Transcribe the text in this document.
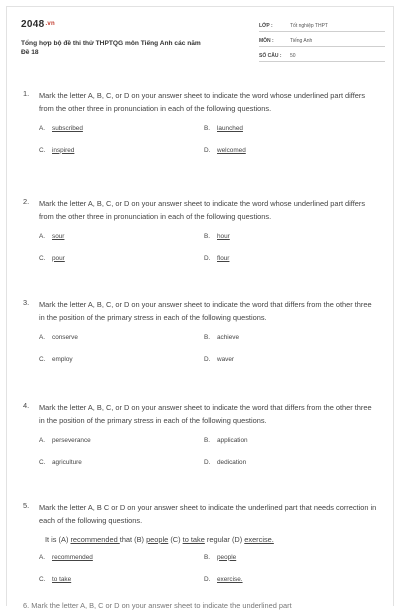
2048.vn
Tổng hợp bộ đề thi thử THPTQG môn Tiếng Anh các năm
Đề 18
LỚP :	Tốt nghiệp THPT
MÔN :	Tiếng Anh
SỐ CÂU : 50
1. Mark the letter A, B, C, or D on your answer sheet to indicate the word whose underlined part differs from the other three in pronunciation in each of the following questions.
A. subscribed	B. launched
C. inspired	D. welcomed
2. Mark the letter A, B, C, or D on your answer sheet to indicate the word whose underlined part differs from the other three in pronunciation in each of the following questions.
A. sour	B. hour
C. pour	D. flour
3. Mark the letter A, B, C, or D on your answer sheet to indicate the word that differs from the other three in the position of the primary stress in each of the following questions.
A. conserve	B. achieve
C. employ	D. waver
4. Mark the letter A, B, C, or D on your answer sheet to indicate the word that differs from the other three in the position of the primary stress in each of the following questions.
A. perseverance	B. application
C. agriculture	D. dedication
5. Mark the letter A, B C or D on your answer sheet to indicate the underlined part that needs correction in each of the following questions.
It is (A) recommended that (B) people (C) to take regular (D) exercise.
A. recommended	B. people
C. to take	D. exercise.
6. Mark the letter A, B, C or D on your answer sheet to indicate the underlined part
